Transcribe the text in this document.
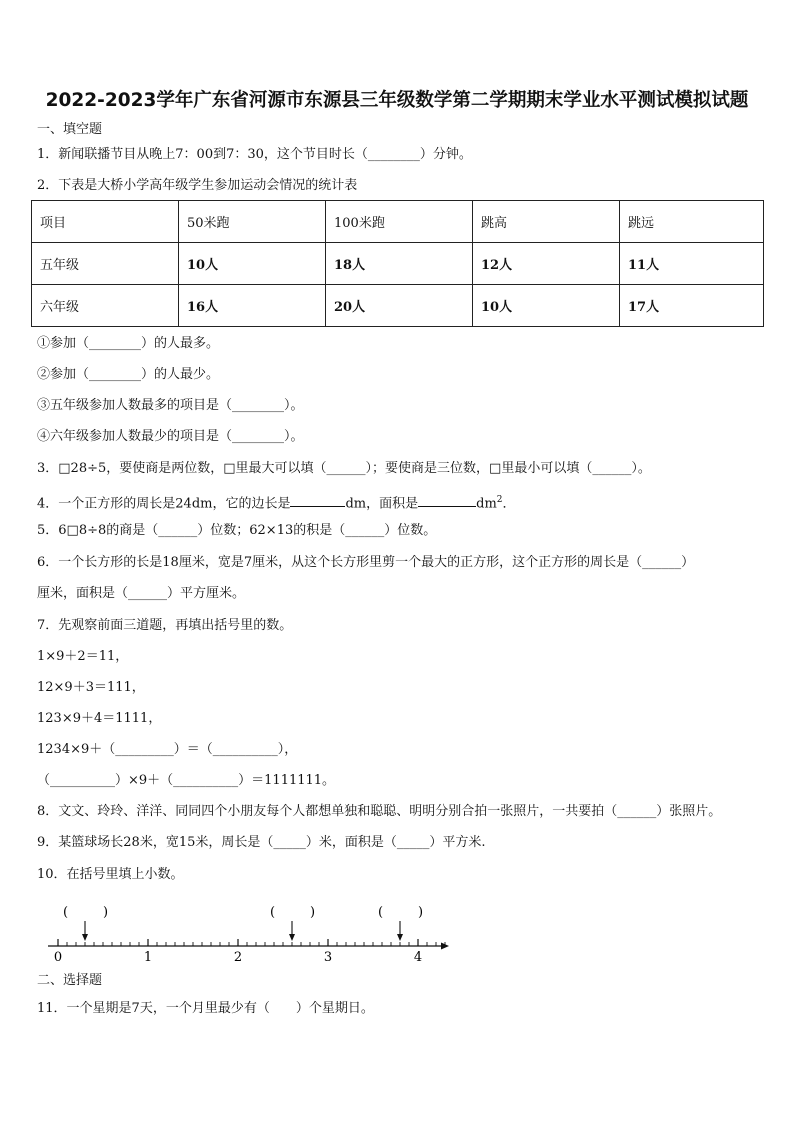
2022-2023学年广东省河源市东源县三年级数学第二学期期末学业水平测试模拟试题
一、填空题
1．新闻联播节目从晚上7：00到7：30，这个节目时长（________）分钟。
2．下表是大桥小学高年级学生参加运动会情况的统计表
项目	50米跑	100米跑	跳高	跳远
五年级	10人	18人	12人	11人
六年级	16人	20人	10人	17人
①参加（________）的人最多。
②参加（________）的人最少。
③五年级参加人数最多的项目是（________）。
④六年级参加人数最少的项目是（________）。
3．□28÷5，要使商是两位数，□里最大可以填（______）；要使商是三位数，□里最小可以填（______）。
4．一个正方形的周长是24dm，它的边长是	dm，面积是	$dm^2$．
5．6□8÷8的商是（______）位数；62×13的积是（______）位数。
6．一个长方形的长是18厘米，宽是7厘米，从这个长方形里剪一个最大的正方形，这个正方形的周长是（______）
厘米，面积是（______）平方厘米。
7．先观察前面三道题，再填出括号里的数。
1×9＋2＝11，
12×9＋3＝111，
123×9＋4＝1111，
1234×9＋（_________）＝（__________），
（__________）×9＋（__________）＝1111111。
8．文文、玲玲、洋洋、同同四个小朋友每个人都想单独和聪聪、明明分别合拍一张照片，一共要拍（______）张照片。
9．某篮球场长28米，宽15米，周长是（_____）米，面积是（_____）平方米.
10．在括号里填上小数。
0	1	2	3	4
(	)	(	)	(	)
二、选择题
11．一个星期是7天，一个月里最少有（　　）个星期日。
